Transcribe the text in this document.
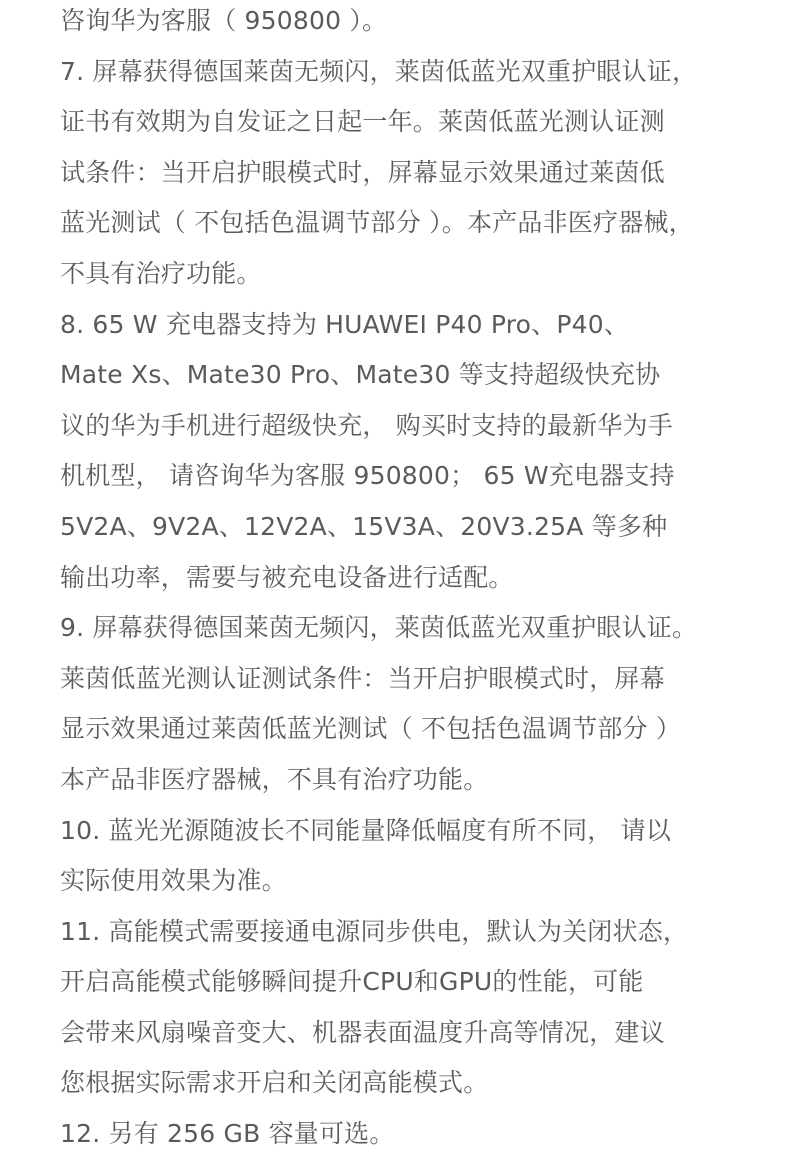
咨询华为客服（ 950800 ）。
7. 屏幕获得德国莱茵无频闪，莱茵低蓝光双重护眼认证，
证书有效期为自发证之日起一年。莱茵低蓝光测认证测
试条件：当开启护眼模式时，屏幕显示效果通过莱茵低
蓝光测试（ 不包括色温调节部分 ）。本产品非医疗器械，
不具有治疗功能。
8. 65 W 充电器支持为 HUAWEI P40 Pro、P40、
Mate Xs、Mate30 Pro、Mate30 等支持超级快充协
议的华为手机进行超级快充， 购买时支持的最新华为手
机机型， 请咨询华为客服 950800； 65 W充电器支持
5V2A、9V2A、12V2A、15V3A、20V3.25A 等多种
输出功率，需要与被充电设备进行适配。
9. 屏幕获得德国莱茵无频闪，莱茵低蓝光双重护眼认证。
莱茵低蓝光测认证测试条件：当开启护眼模式时，屏幕
显示效果通过莱茵低蓝光测试（ 不包括色温调节部分 ）
本产品非医疗器械，不具有治疗功能。
10. 蓝光光源随波长不同能量降低幅度有所不同， 请以
实际使用效果为准。
11. 高能模式需要接通电源同步供电，默认为关闭状态，
开启高能模式能够瞬间提升CPU和GPU的性能，可能
会带来风扇噪音变大、机器表面温度升高等情况，建议
您根据实际需求开启和关闭高能模式。
12. 另有 256 GB 容量可选。
